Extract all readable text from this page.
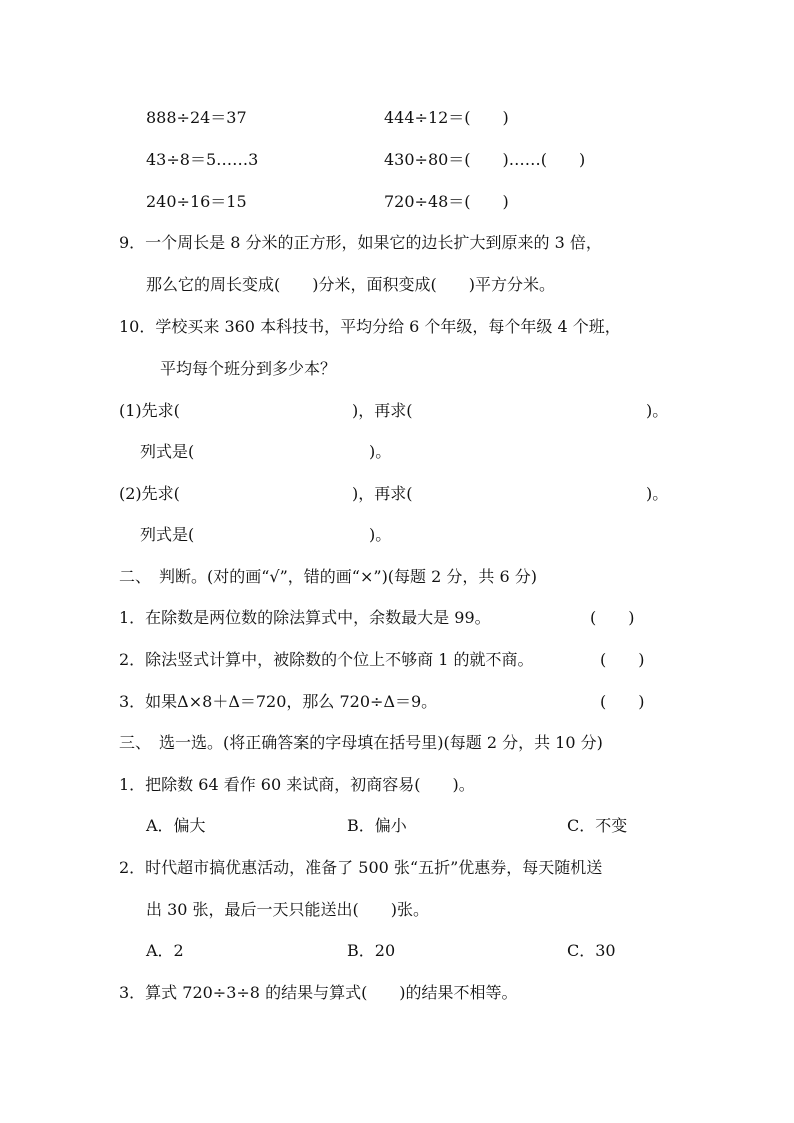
888÷24＝37	444÷12＝(　　)
43÷8＝5……3	430÷80＝(　　)……(　　)
240÷16＝15	720÷48＝(　　)
9．一个周长是 8 分米的正方形，如果它的边长扩大到原来的 3 倍，
那么它的周长变成(　　)分米，面积变成(　　)平方分米。
10．学校买来 360 本科技书，平均分给 6 个年级，每个年级 4 个班，
平均每个班分到多少本？
(1)先求(	)，再求(	)。
列式是(	)。
(2)先求(	)，再求(	)。
列式是(	)。
二、　判断。(对的画“√”，错的画“×”)(每题 2 分，共 6 分)
1．在除数是两位数的除法算式中，余数最大是 99。	(　　)
2．除法竖式计算中，被除数的个位上不够商 1 的就不商。	(　　)
3．如果Δ×8＋Δ＝720，那么 720÷Δ＝9。	(　　)
三、　选一选。(将正确答案的字母填在括号里)(每题 2 分，共 10 分)
1．把除数 64 看作 60 来试商，初商容易(　　)。
A．偏大	B．偏小	C．不变
2．时代超市搞优惠活动，准备了 500 张“五折”优惠券，每天随机送
出 30 张，最后一天只能送出(　　)张。
A．2	B．20	C．30
3．算式 720÷3÷8 的结果与算式(　　)的结果不相等。
